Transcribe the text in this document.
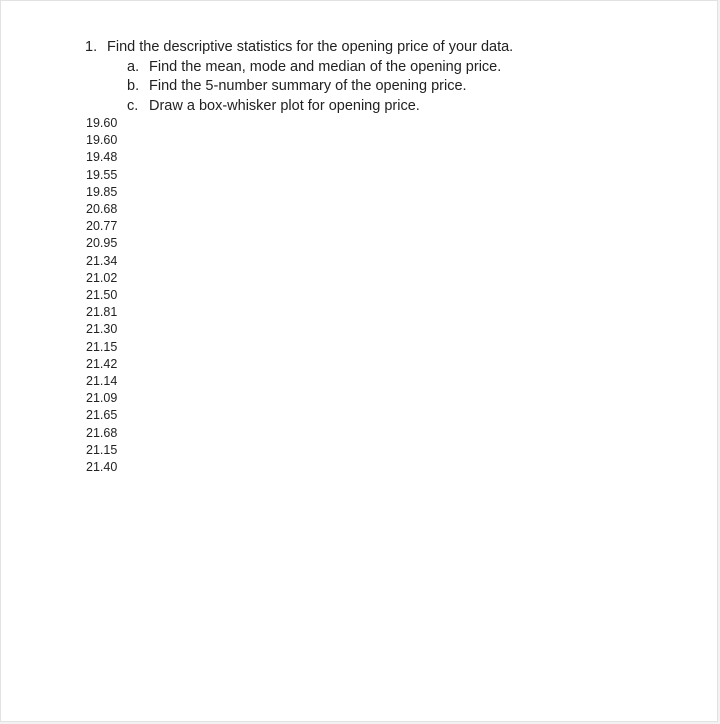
1. Find the descriptive statistics for the opening price of your data.
a. Find the mean, mode and median of the opening price.
b. Find the 5-number summary of the opening price.
c. Draw a box-whisker plot for opening price.
19.60
19.60
19.48
19.55
19.85
20.68
20.77
20.95
21.34
21.02
21.50
21.81
21.30
21.15
21.42
21.14
21.09
21.65
21.68
21.15
21.40
